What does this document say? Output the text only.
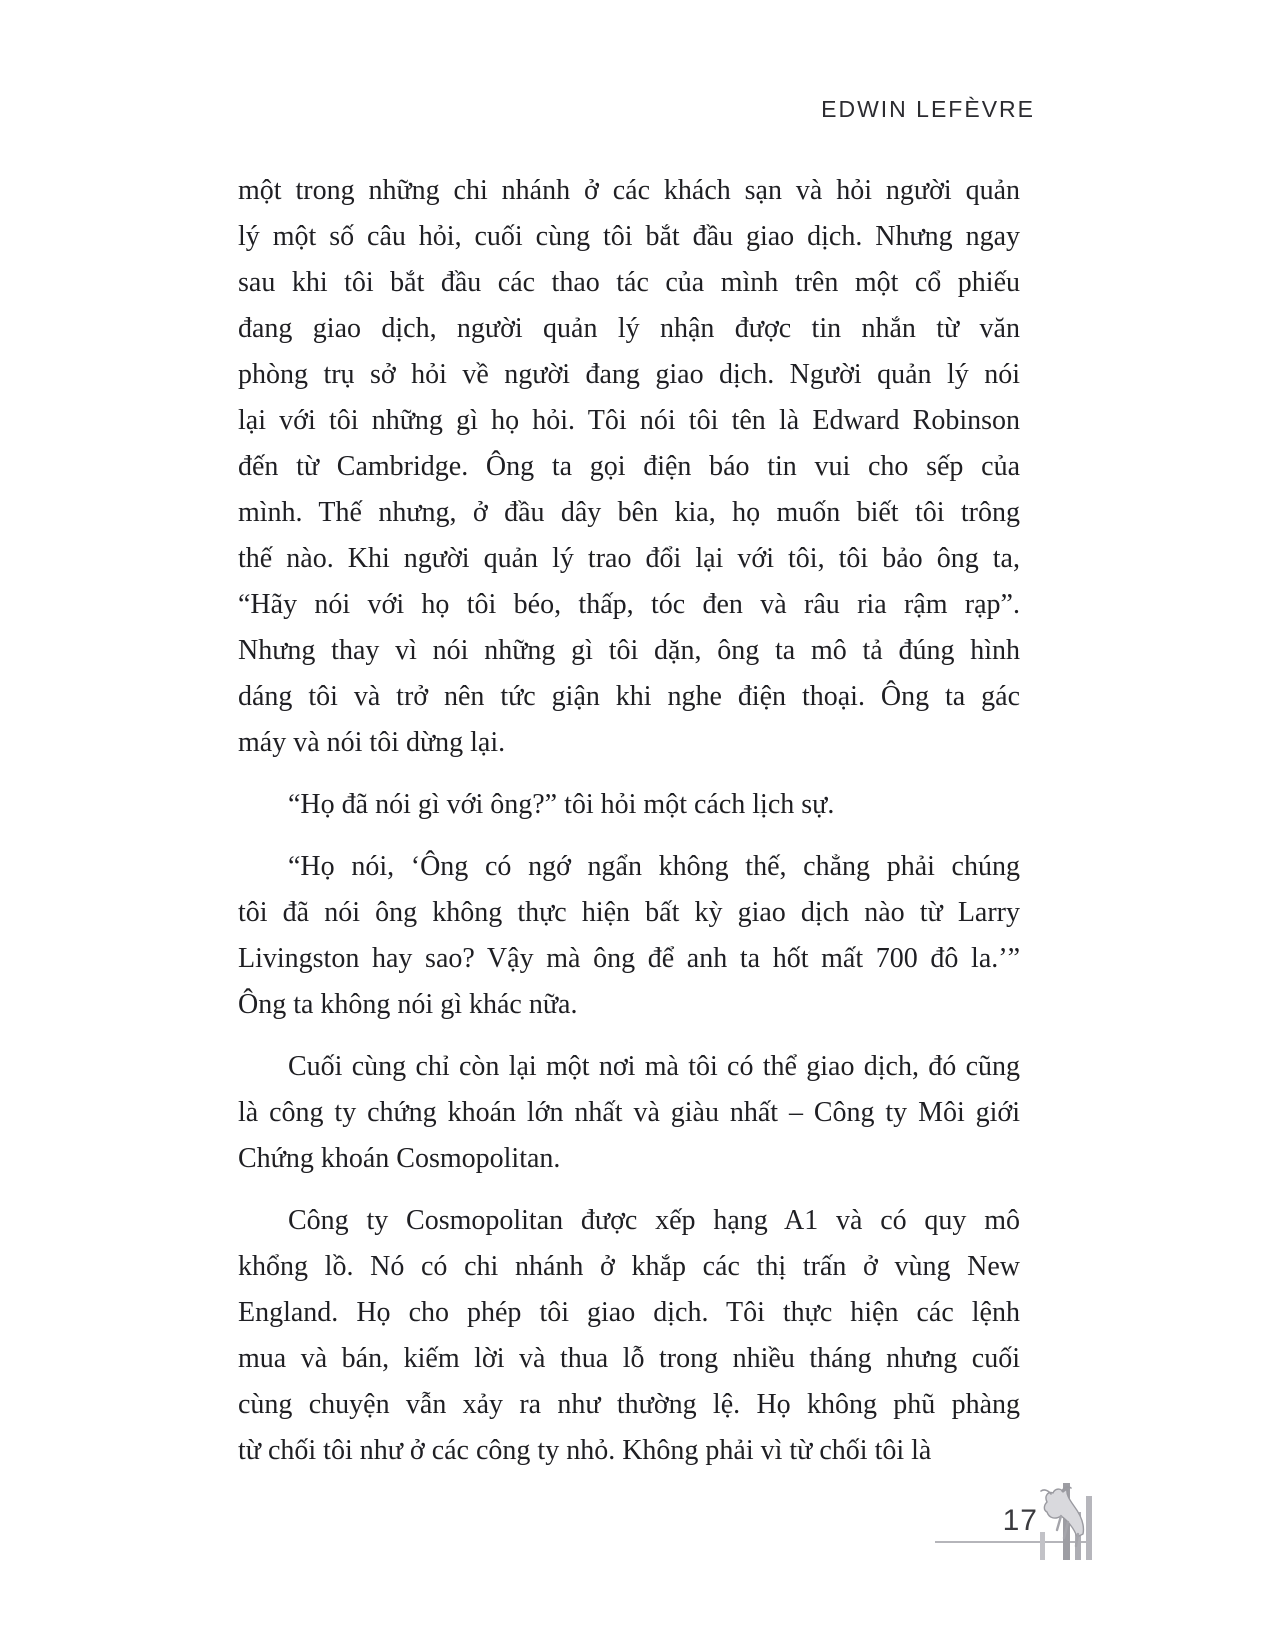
EDWIN LEFÈVRE
một trong những chi nhánh ở các khách sạn và hỏi người quản
lý một số câu hỏi, cuối cùng tôi bắt đầu giao dịch. Nhưng ngay
sau khi tôi bắt đầu các thao tác của mình trên một cổ phiếu
đang giao dịch, người quản lý nhận được tin nhắn từ văn
phòng trụ sở hỏi về người đang giao dịch. Người quản lý nói
lại với tôi những gì họ hỏi. Tôi nói tôi tên là Edward Robinson
đến từ Cambridge. Ông ta gọi điện báo tin vui cho sếp của
mình. Thế nhưng, ở đầu dây bên kia, họ muốn biết tôi trông
thế nào. Khi người quản lý trao đổi lại với tôi, tôi bảo ông ta,
“Hãy nói với họ tôi béo, thấp, tóc đen và râu ria rậm rạp”.
Nhưng thay vì nói những gì tôi dặn, ông ta mô tả đúng hình
dáng tôi và trở nên tức giận khi nghe điện thoại. Ông ta gác
máy và nói tôi dừng lại.
“Họ đã nói gì với ông?” tôi hỏi một cách lịch sự.
“Họ nói, ‘Ông có ngớ ngẩn không thế, chẳng phải chúng
tôi đã nói ông không thực hiện bất kỳ giao dịch nào từ Larry
Livingston hay sao? Vậy mà ông để anh ta hốt mất 700 đô la.’”
Ông ta không nói gì khác nữa.
Cuối cùng chỉ còn lại một nơi mà tôi có thể giao dịch, đó cũng
là công ty chứng khoán lớn nhất và giàu nhất – Công ty Môi giới
Chứng khoán Cosmopolitan.
Công ty Cosmopolitan được xếp hạng A1 và có quy mô
khổng lồ. Nó có chi nhánh ở khắp các thị trấn ở vùng New
England. Họ cho phép tôi giao dịch. Tôi thực hiện các lệnh
mua và bán, kiếm lời và thua lỗ trong nhiều tháng nhưng cuối
cùng chuyện vẫn xảy ra như thường lệ. Họ không phũ phàng
từ chối tôi như ở các công ty nhỏ. Không phải vì từ chối tôi là
17
